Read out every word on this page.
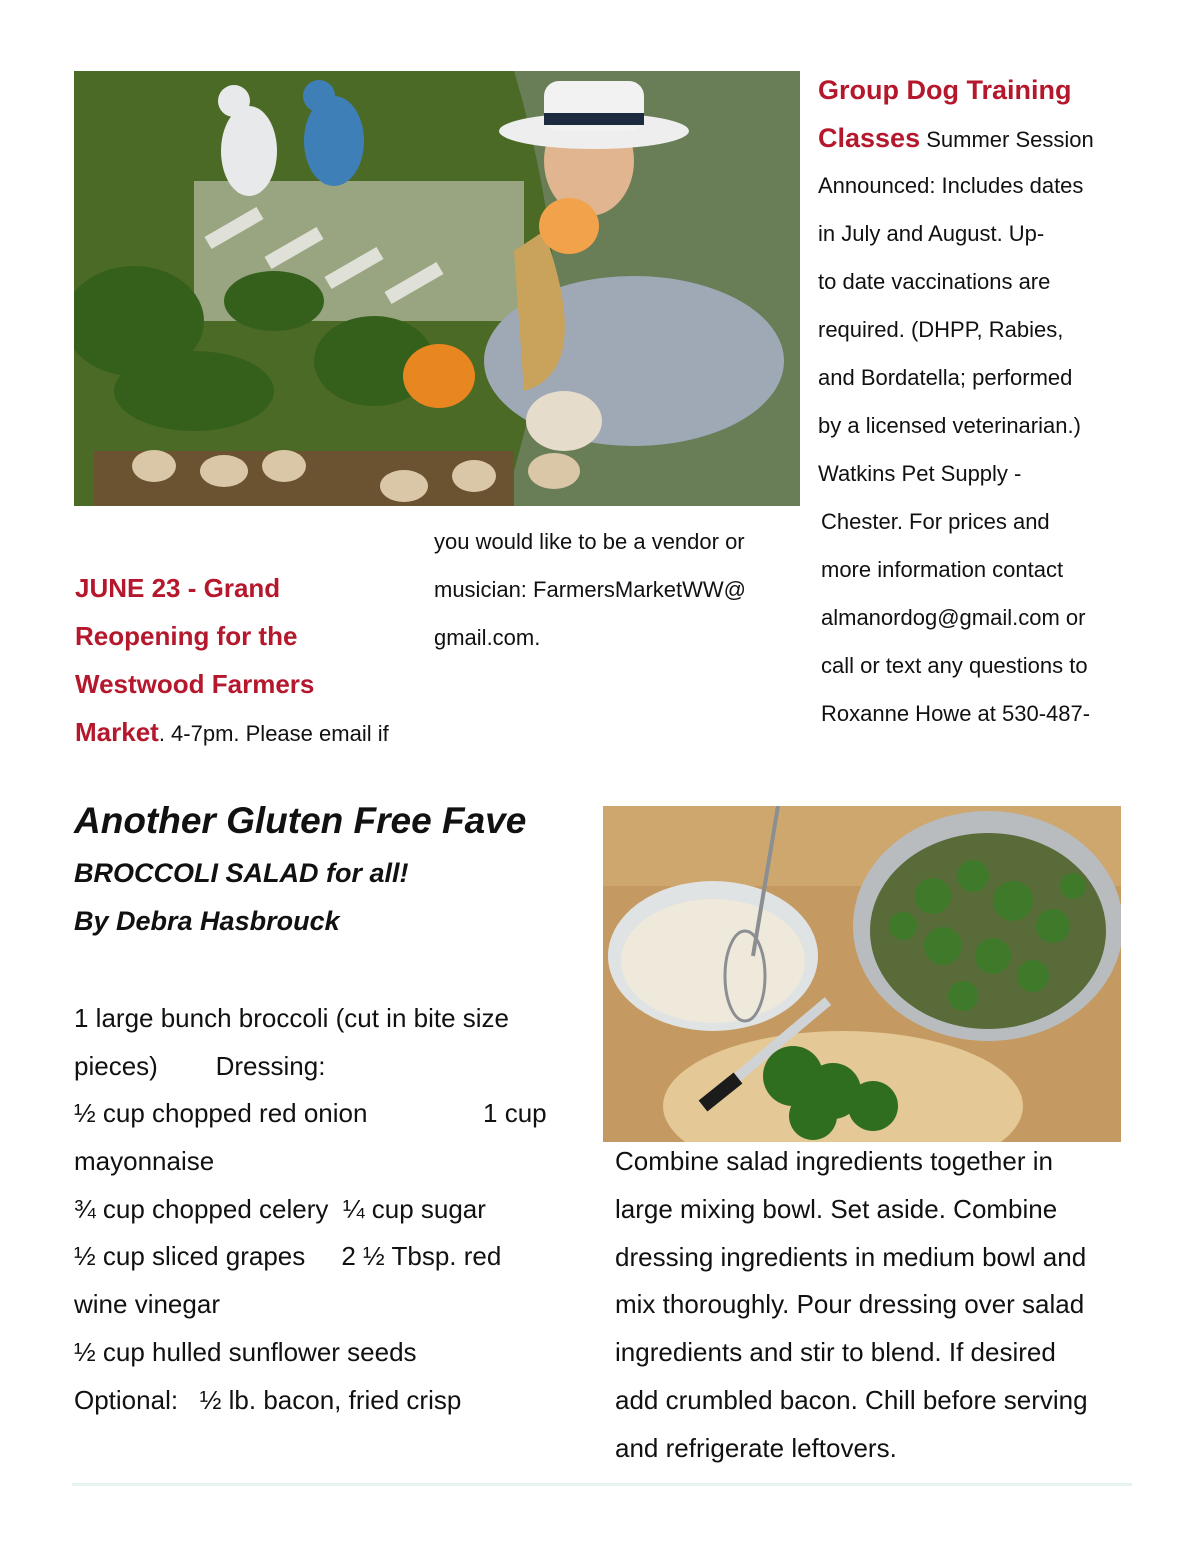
Group Dog Training
Classes Summer Session
Announced: Includes dates
in July and August. Up-
to date vaccinations are
required. (DHPP, Rabies,
and Bordatella; performed
by a licensed veterinarian.)
Watkins Pet Supply -
Chester. For prices and
more information contact
almanordog@gmail.com or
call or text any questions to
Roxanne Howe at 530-487-
JUNE 23 - Grand
Reopening for the
Westwood Farmers
Market. 4-7pm. Please email if
you would like to be a vendor or
musician: FarmersMarketWW@
gmail.com.
Another Gluten Free Fave
BROCCOLI SALAD for all!
By Debra Hasbrouck
1 large bunch broccoli (cut in bite size
pieces)        Dressing:
½ cup chopped red onion                1 cup
mayonnaise
¾ cup chopped celery  ¼ cup sugar
½ cup sliced grapes     2 ½ Tbsp. red
wine vinegar
½ cup hulled sunflower seeds
Optional:   ½ lb. bacon, fried crisp
Combine salad ingredients together in
large mixing bowl. Set aside. Combine
dressing ingredients in medium bowl and
mix thoroughly. Pour dressing over salad
ingredients and stir to blend. If desired
add crumbled bacon. Chill before serving
and refrigerate leftovers.
